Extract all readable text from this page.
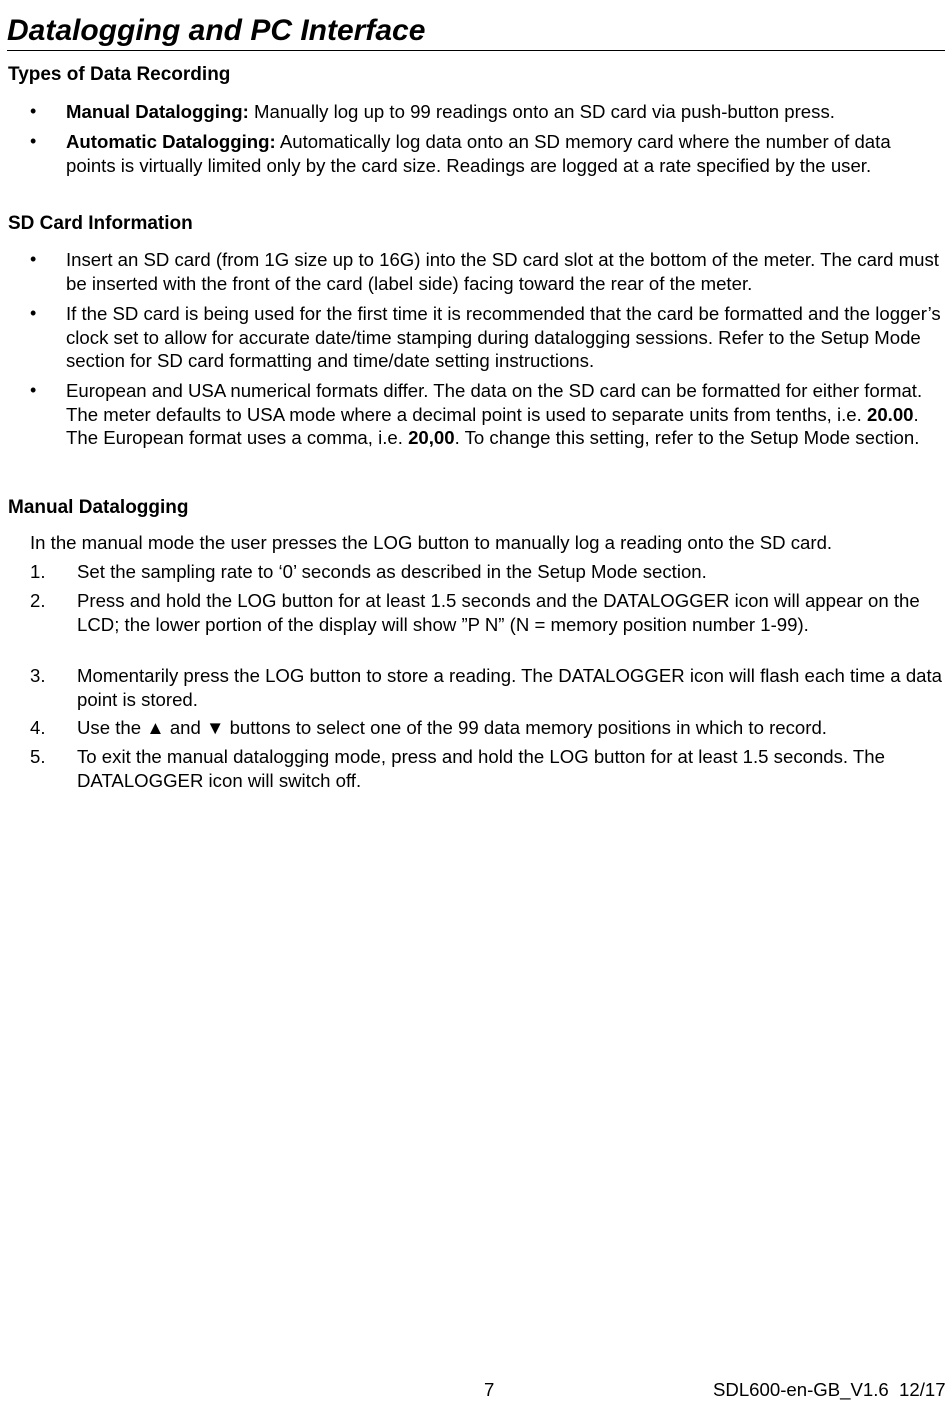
Datalogging and PC Interface
Types of Data Recording
• Manual Datalogging: Manually log up to 99 readings onto an SD card via push-button press.
• Automatic Datalogging: Automatically log data onto an SD memory card where the number of data points is virtually limited only by the card size. Readings are logged at a rate specified by the user.
SD Card Information
• Insert an SD card (from 1G size up to 16G) into the SD card slot at the bottom of the meter. The card must be inserted with the front of the card (label side) facing toward the rear of the meter.
• If the SD card is being used for the first time it is recommended that the card be formatted and the logger’s clock set to allow for accurate date/time stamping during datalogging sessions. Refer to the Setup Mode section for SD card formatting and time/date setting instructions.
• European and USA numerical formats differ. The data on the SD card can be formatted for either format. The meter defaults to USA mode where a decimal point is used to separate units from tenths, i.e. 20.00. The European format uses a comma, i.e. 20,00. To change this setting, refer to the Setup Mode section.
Manual Datalogging
In the manual mode the user presses the LOG button to manually log a reading onto the SD card.
1. Set the sampling rate to ‘0’ seconds as described in the Setup Mode section.
2. Press and hold the LOG button for at least 1.5 seconds and the DATALOGGER icon will appear on the LCD; the lower portion of the display will show ”P N” (N = memory position number 1-99).
3. Momentarily press the LOG button to store a reading. The DATALOGGER icon will flash each time a data point is stored.
4. Use the ▲ and ▼ buttons to select one of the 99 data memory positions in which to record.
5. To exit the manual datalogging mode, press and hold the LOG button for at least 1.5 seconds. The DATALOGGER icon will switch off.
7	SDL600-en-GB_V1.6  12/17
